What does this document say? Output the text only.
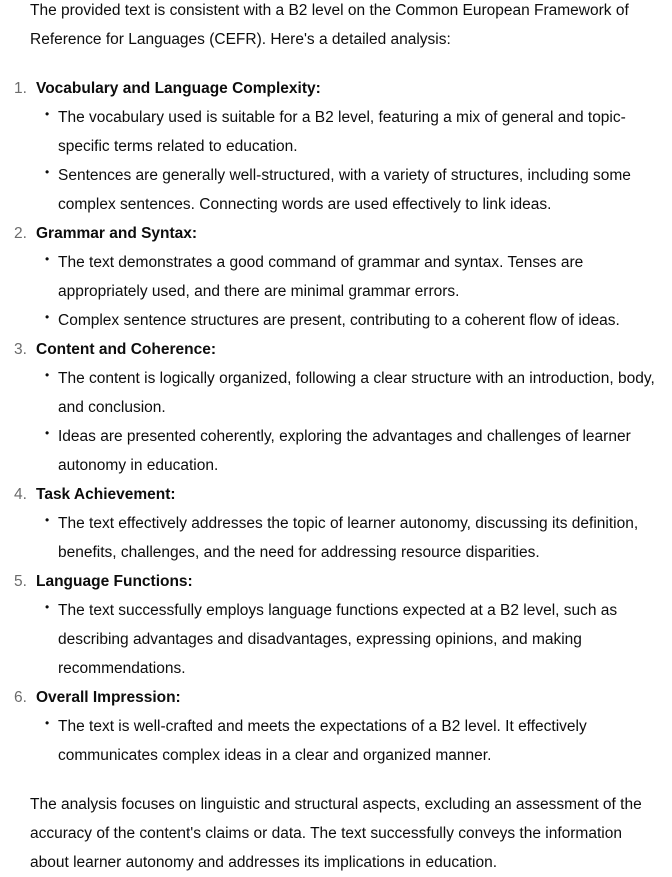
The provided text is consistent with a B2 level on the Common European Framework of Reference for Languages (CEFR). Here's a detailed analysis:

1. Vocabulary and Language Complexity:
• The vocabulary used is suitable for a B2 level, featuring a mix of general and topic-specific terms related to education.
• Sentences are generally well-structured, with a variety of structures, including some complex sentences. Connecting words are used effectively to link ideas.
2. Grammar and Syntax:
• The text demonstrates a good command of grammar and syntax. Tenses are appropriately used, and there are minimal grammar errors.
• Complex sentence structures are present, contributing to a coherent flow of ideas.
3. Content and Coherence:
• The content is logically organized, following a clear structure with an introduction, body, and conclusion.
• Ideas are presented coherently, exploring the advantages and challenges of learner autonomy in education.
4. Task Achievement:
• The text effectively addresses the topic of learner autonomy, discussing its definition, benefits, challenges, and the need for addressing resource disparities.
5. Language Functions:
• The text successfully employs language functions expected at a B2 level, such as describing advantages and disadvantages, expressing opinions, and making recommendations.
6. Overall Impression:
• The text is well-crafted and meets the expectations of a B2 level. It effectively communicates complex ideas in a clear and organized manner.

The analysis focuses on linguistic and structural aspects, excluding an assessment of the accuracy of the content's claims or data. The text successfully conveys the information about learner autonomy and addresses its implications in education.
